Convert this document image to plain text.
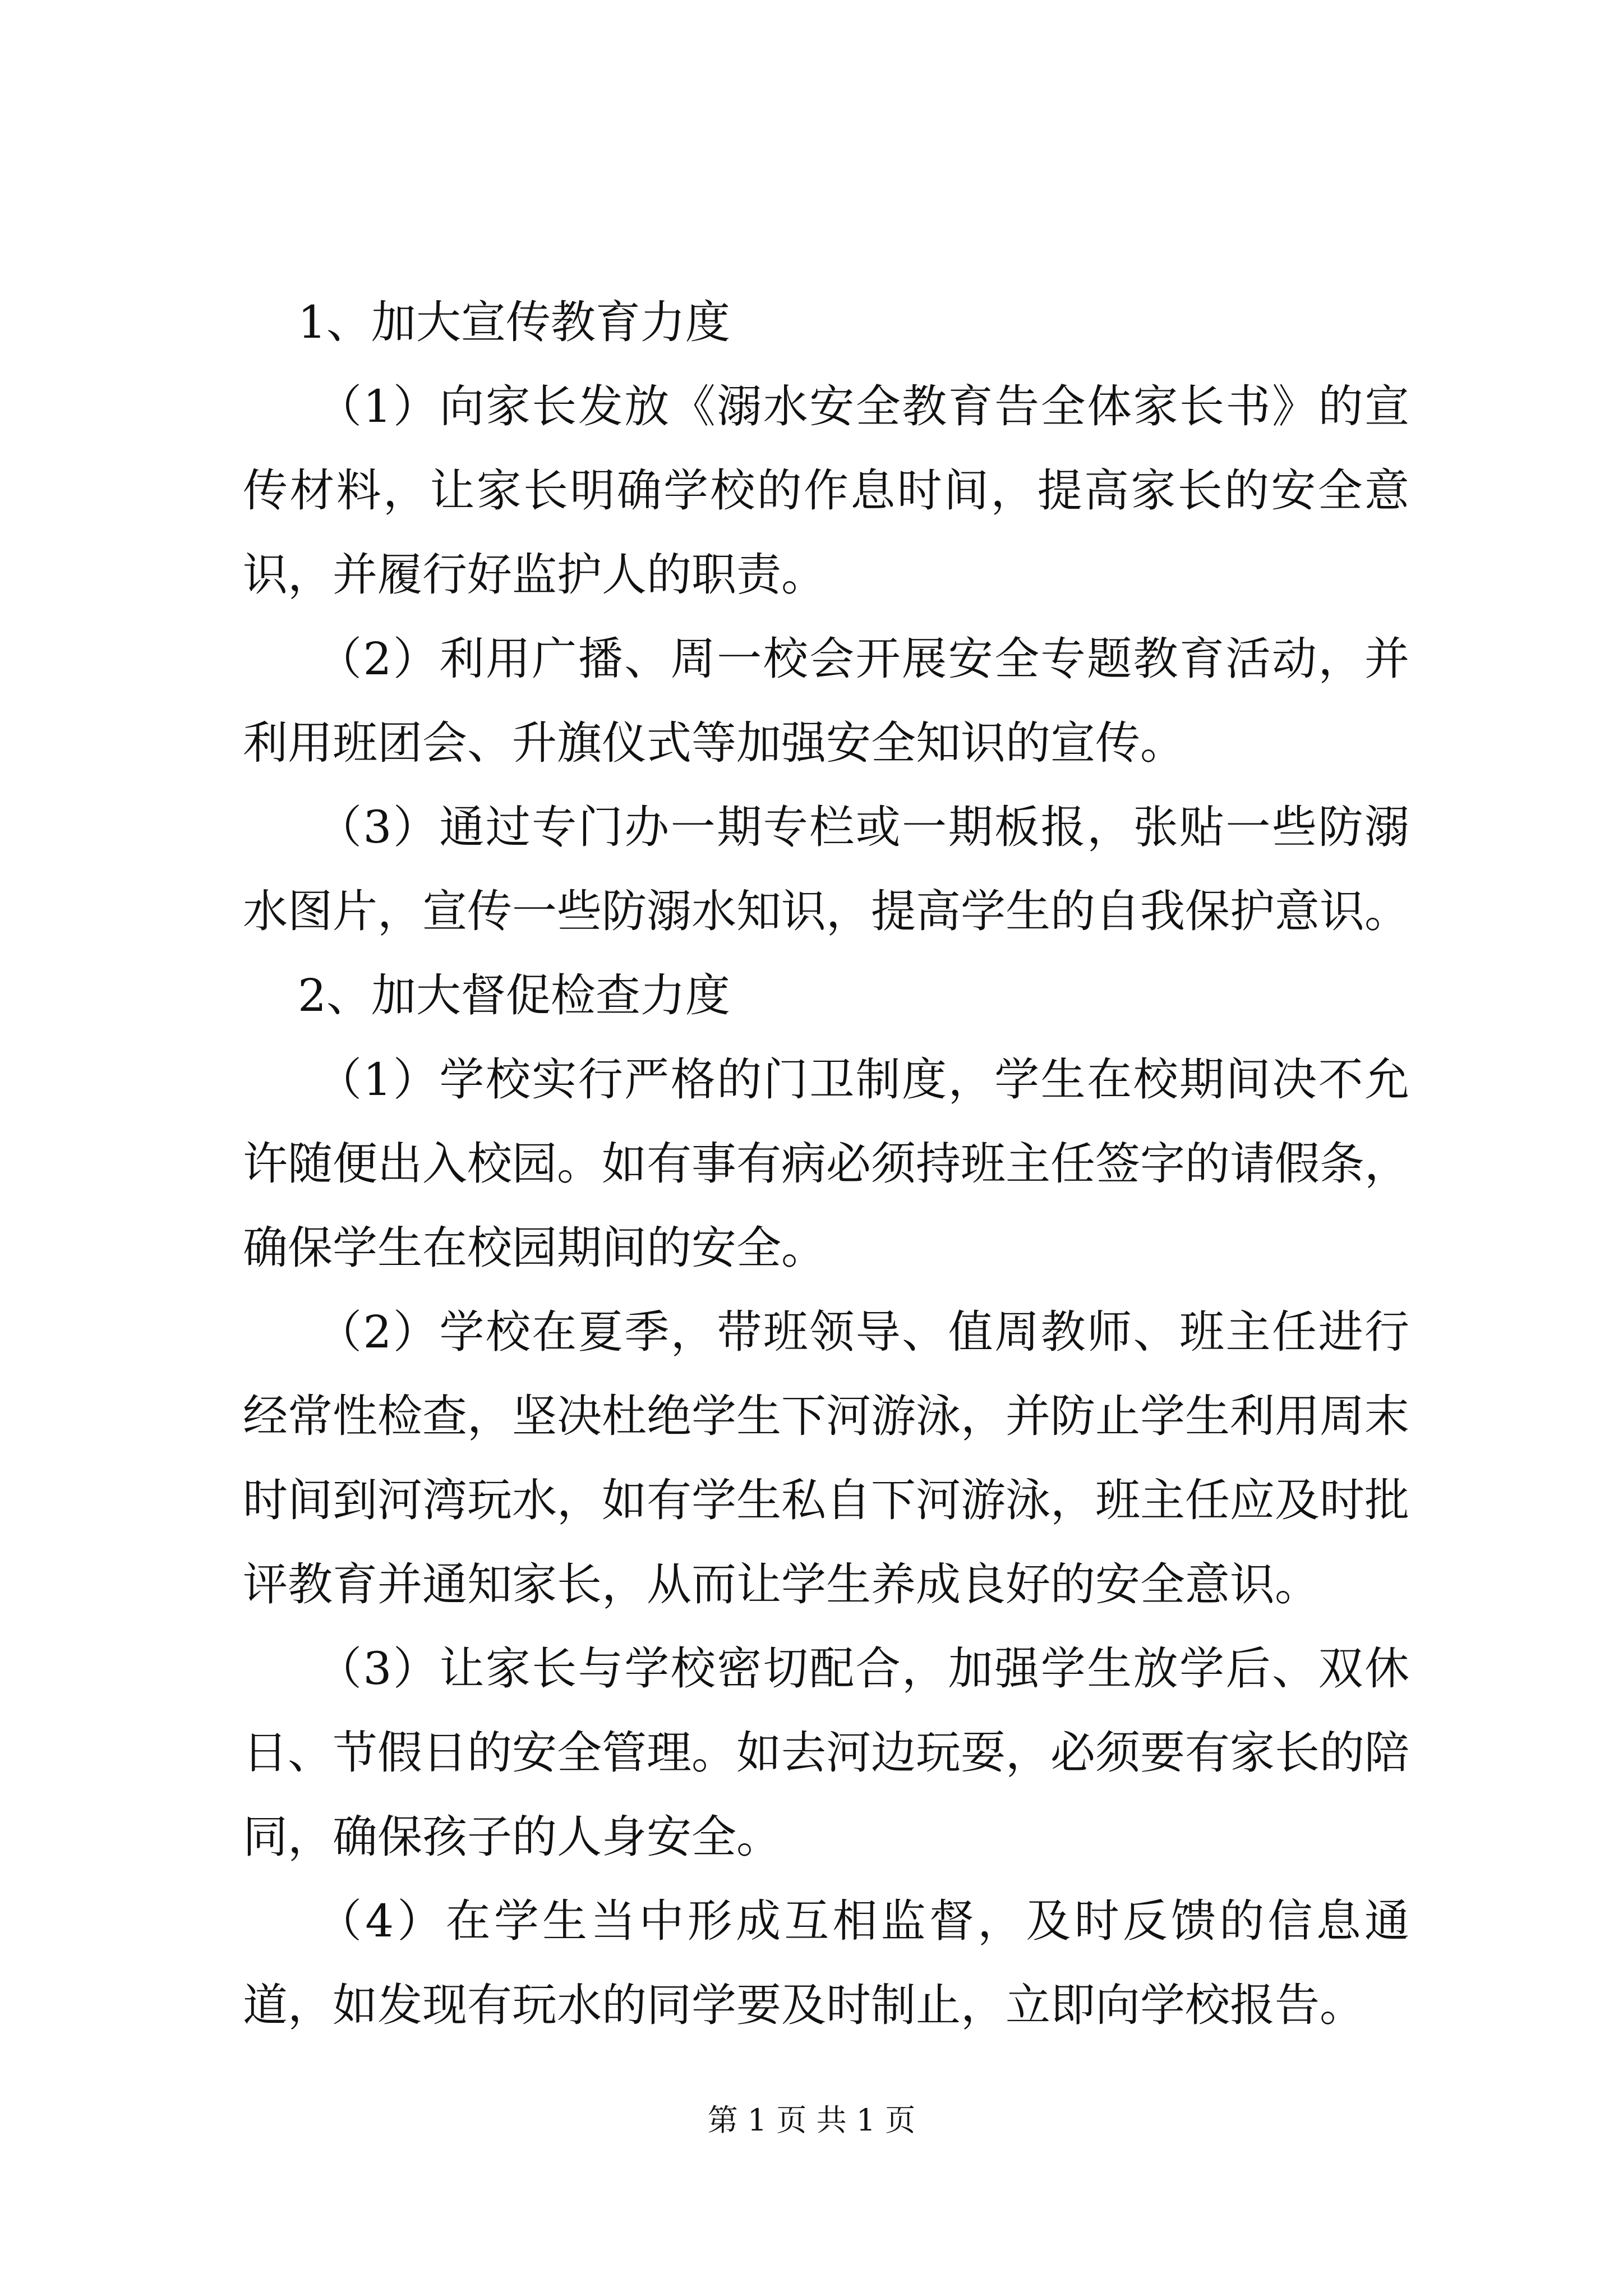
1、加大宣传教育力度

（1）向家长发放《溺水安全教育告全体家长书》的宣传材料，让家长明确学校的作息时间，提高家长的安全意识，并履行好监护人的职责。

（2）利用广播、周一校会开展安全专题教育活动，并利用班团会、升旗仪式等加强安全知识的宣传。

（3）通过专门办一期专栏或一期板报，张贴一些防溺水图片，宣传一些防溺水知识，提高学生的自我保护意识。

2、加大督促检查力度

（1）学校实行严格的门卫制度，学生在校期间决不允许随便出入校园。如有事有病必须持班主任签字的请假条，确保学生在校园期间的安全。

（2）学校在夏季，带班领导、值周教师、班主任进行经常性检查，坚决杜绝学生下河游泳，并防止学生利用周末时间到河湾玩水，如有学生私自下河游泳，班主任应及时批评教育并通知家长，从而让学生养成良好的安全意识。

（3）让家长与学校密切配合，加强学生放学后、双休日、节假日的安全管理。如去河边玩耍，必须要有家长的陪同，确保孩子的人身安全。

（4）在学生当中形成互相监督，及时反馈的信息通道，如发现有玩水的同学要及时制止，立即向学校报告。

第 1 页 共 1 页
